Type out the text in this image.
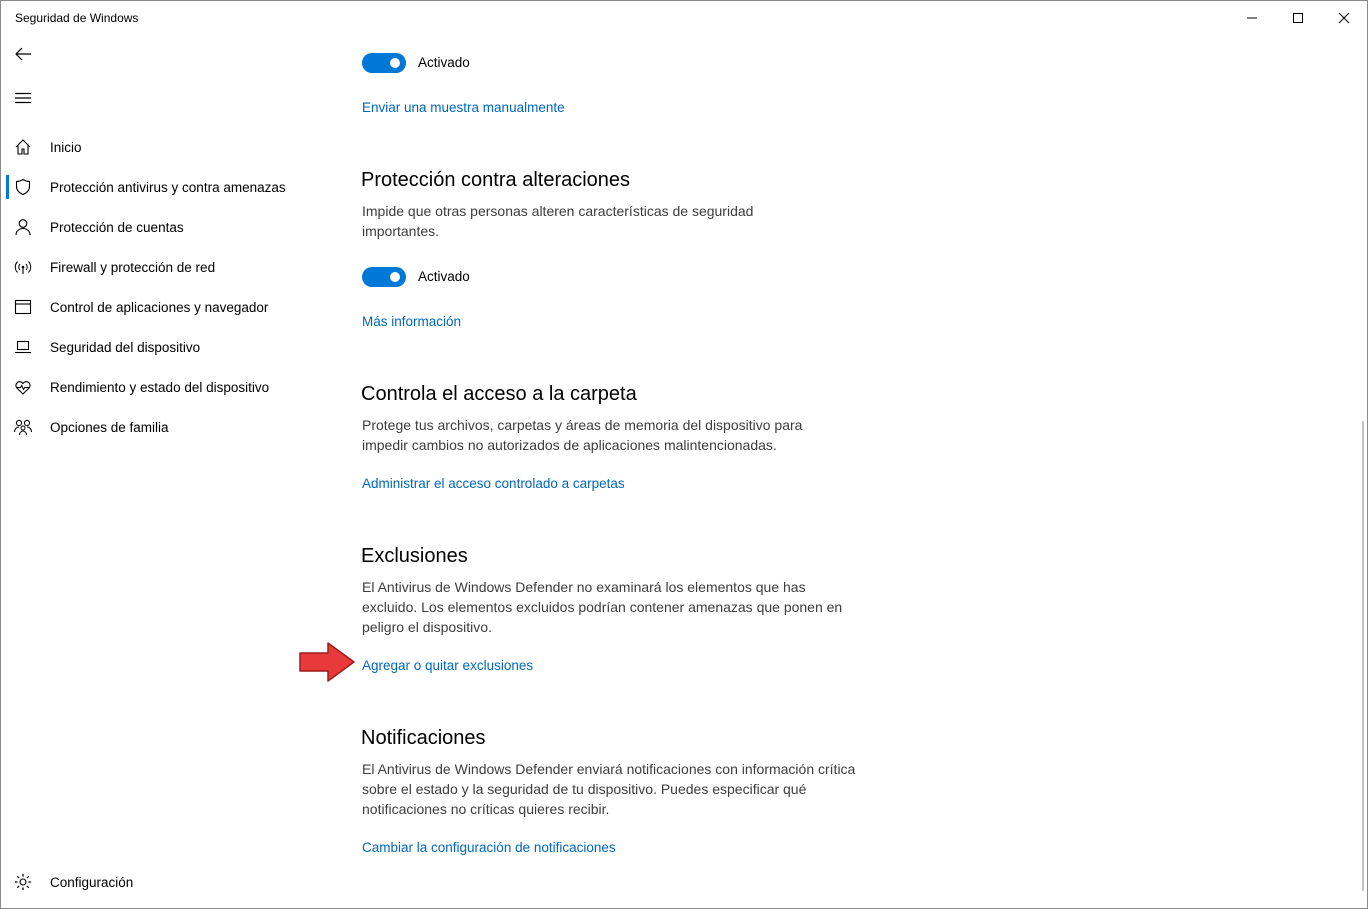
Seguridad de Windows
Inicio
Protección antivirus y contra amenazas
Protección de cuentas
Firewall y protección de red
Control de aplicaciones y navegador
Seguridad del dispositivo
Rendimiento y estado del dispositivo
Opciones de familia
Configuración
Activado
Enviar una muestra manualmente
Protección contra alteraciones
Impide que otras personas alteren características de seguridad importantes.
Activado
Más información
Controla el acceso a la carpeta
Protege tus archivos, carpetas y áreas de memoria del dispositivo para impedir cambios no autorizados de aplicaciones malintencionadas.
Administrar el acceso controlado a carpetas
Exclusiones
El Antivirus de Windows Defender no examinará los elementos que has excluido. Los elementos excluidos podrían contener amenazas que ponen en peligro el dispositivo.
Agregar o quitar exclusiones
Notificaciones
El Antivirus de Windows Defender enviará notificaciones con información crítica sobre el estado y la seguridad de tu dispositivo. Puedes especificar qué notificaciones no críticas quieres recibir.
Cambiar la configuración de notificaciones
